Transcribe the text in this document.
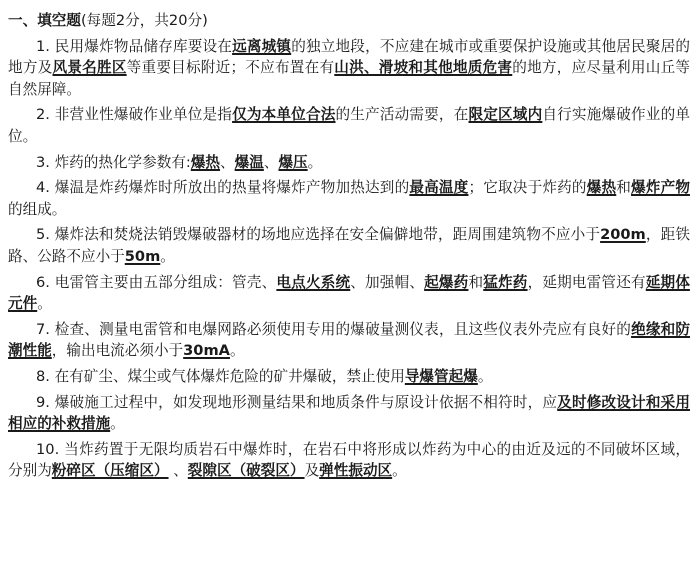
一、填空题(每题2分，共20分)

1. 民用爆炸物品储存库要设在远离城镇的独立地段，不应建在城市或重要保护设施或其他居民聚居的地方及风景名胜区等重要目标附近；不应布置在有山洪、滑坡和其他地质危害的地方，应尽量利用山丘等自然屏障。

2. 非营业性爆破作业单位是指仅为本单位合法的生产活动需要，在限定区域内自行实施爆破作业的单位。

3. 炸药的热化学参数有:爆热、爆温、爆压。

4. 爆温是炸药爆炸时所放出的热量将爆炸产物加热达到的最高温度；它取决于炸药的爆热和爆炸产物的组成。

5. 爆炸法和焚烧法销毁爆破器材的场地应选择在安全偏僻地带，距周围建筑物不应小于200m，距铁路、公路不应小于50m。

6. 电雷管主要由五部分组成：管壳、电点火系统、加强帽、起爆药和猛炸药，延期电雷管还有延期体元件。

7. 检查、测量电雷管和电爆网路必须使用专用的爆破量测仪表，且这些仪表外壳应有良好的绝缘和防潮性能，输出电流必须小于30mA。

8. 在有矿尘、煤尘或气体爆炸危险的矿井爆破，禁止使用导爆管起爆。

9. 爆破施工过程中，如发现地形测量结果和地质条件与原设计依据不相符时，应及时修改设计和采用相应的补救措施。

10. 当炸药置于无限均质岩石中爆炸时，在岩石中将形成以炸药为中心的由近及远的不同破坏区域，分别为粉碎区（压缩区） 、裂隙区（破裂区）及弹性振动区。
